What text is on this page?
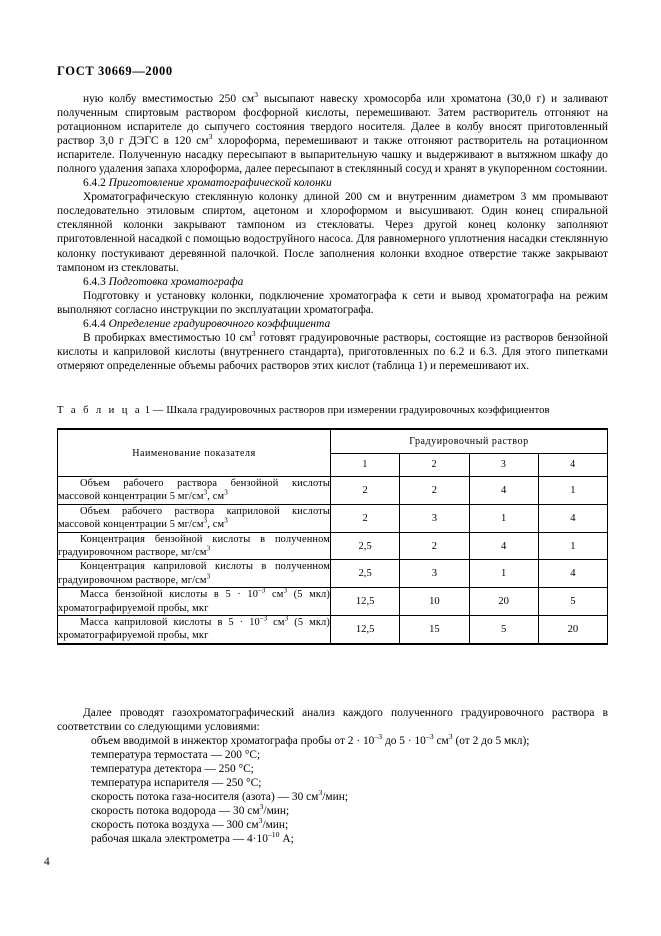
ГОСТ 30669—2000

ную колбу вместимостью 250 $см^3$ высыпают навеску хромосорба или хроматона (30,0 г) и заливают полученным спиртовым раствором фосфорной кислоты, перемешивают. Затем растворитель отгоняют на ротационном испарителе до сыпучего состояния твердого носителя. Далее в колбу вносят приготовленный раствор 3,0 г ДЭГС в 120 $см^3$ хлороформа, перемешивают и также отгоняют растворитель на ротационном испарителе. Полученную насадку пересыпают в выпарительную чашку и выдерживают в вытяжном шкафу до полного удаления запаха хлороформа, далее пересыпают в стеклянный сосуд и хранят в укупоренном состоянии.

6.4.2 Приготовление хроматографической колонки

Хроматографическую стеклянную колонку длиной 200 см и внутренним диаметром 3 мм промывают последовательно этиловым спиртом, ацетоном и хлороформом и высушивают. Один конец спиральной стеклянной колонки закрывают тампоном из стекловаты. Через другой конец колонку заполняют приготовленной насадкой с помощью водоструйного насоса. Для равномерного уплотнения насадки стеклянную колонку постукивают деревянной палочкой. После заполнения колонки входное отверстие также закрывают тампоном из стекловаты.

6.4.3 Подготовка хроматографа

Подготовку и установку колонки, подключение хроматографа к сети и вывод хроматографа на режим выполняют согласно инструкции по эксплуатации хроматографа.

6.4.4 Определение градуировочного коэффициента

В пробирках вместимостью 10 $см^3$ готовят градуировочные растворы, состоящие из растворов бензойной кислоты и каприловой кислоты (внутреннего стандарта), приготовленных по 6.2 и 6.3. Для этого пипетками отмеряют определенные объемы рабочих растворов этих кислот (таблица 1) и перемешивают их.

Т а б л и ц а 1 — Шкала градуировочных растворов при измерении градуировочных коэффициентов

Наименование показателя	Градуировочный раствор			
	1	2	3	4
Объем рабочего раствора бензойной кислоты массовой концентрации 5 $мг/см^3$, $см^3$	2	2	4	1
Объем рабочего раствора каприловой кислоты массовой концентрации 5 $мг/см^3$, $см^3$	2	3	1	4
Концентрация бензойной кислоты в полученном градуировочном растворе, $мг/см^3$	2,5	2	4	1
Концентрация каприловой кислоты в полученном градуировочном растворе, $мг/см^3$	2,5	3	1	4
Масса бензойной кислоты в $5 \cdot 10^{-3}$ $см^3$ (5 мкл) хроматографируемой пробы, мкг	12,5	10	20	5
Масса каприловой кислоты в $5 \cdot 10^{-3}$ $см^3$ (5 мкл) хроматографируемой пробы, мкг	12,5	15	5	20

Далее проводят газохроматографический анализ каждого полученного градуировочного раствора в соответствии со следующими условиями:

объем вводимой в инжектор хроматографа пробы от $2 \cdot 10^{-3}$ до $5 \cdot 10^{-3}$ $см^3$ (от 2 до 5 мкл);
температура термостата — 200 °С;
температура детектора — 250 °С;
температура испарителя — 250 °С;
скорость потока газа-носителя (азота) — 30 $см^3$/мин;
скорость потока водорода — 30 $см^3$/мин;
скорость потока воздуха — 300 $см^3$/мин;
рабочая шкала электрометра — $4\cdot 10^{-10}$ А;
4
